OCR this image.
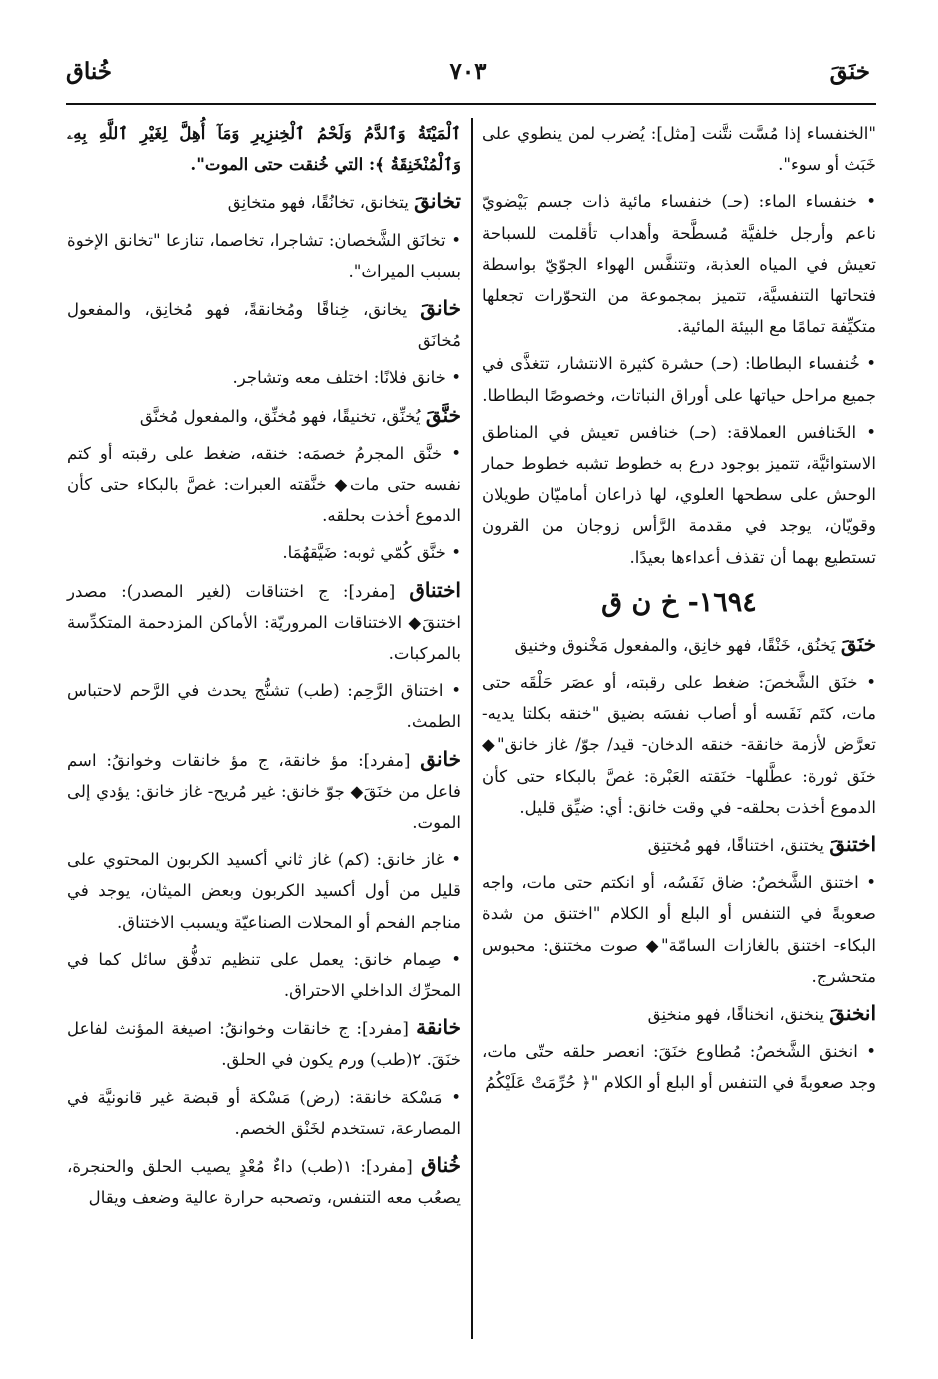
خنَقَ
٧٠٣
خُناق

"الخنفساء إذا مُسَّت نتَّنت [مثل]: يُضرب لمن ينطوي على خَبَث أو سوء".

• خنفساء الماء: (حـ) خنفساء مائية ذات جسم بَيْضويّ ناعم وأرجل خلفيَّة مُسطَّحة وأهداب تأقلمت للسباحة تعيش في المياه العذبة، وتتنفَّس الهواء الجوّيّ بواسطة فتحاتها التنفسيَّة، تتميز بمجموعة من التحوّرات تجعلها متكيِّفة تمامًا مع البيئة المائية.

• خُنفساء البطاطا: (حـ) حشرة كثيرة الانتشار، تتغذَّى في جميع مراحل حياتها على أوراق النباتات، وخصوصًا البطاطا.

• الخَنافس العملاقة: (حـ) خنافس تعيش في المناطق الاستوائيَّة، تتميز بوجود درع به خطوط تشبه خطوط حمار الوحش على سطحها العلوي، لها ذراعان أماميّان طويلان وقويّان، يوجد في مقدمة الرَّأس زوجان من القرون تستطيع بهما أن تقذف أعداءها بعيدًا.

١٦٩٤- خ ن ق

خنَقَ يَخنُق، خَنْقًا، فهو خانِق، والمفعول مَخْنوق وخنيق

• خنَق الشَّخصَ: ضغط على رقبته، أو عصَر حَلْقَه حتى مات، كتَم نَفَسه أو أصاب نفسَه بضيق "خنقه بكلتا يديه- تعرَّض لأزمة خانقة- خنقه الدخان- قيد/ جوّ/ غاز خانق"◆ خنَق ثورة: عطَّلها- خنَقته العَبْرة: غصَّ بالبكاء حتى كأن الدموع أخذت بحلقه- في وقت خانق: أي: ضيِّق قليل.

اختنقَ يختنق، اختناقًا، فهو مُختنِق

• اختنق الشَّخصُ: ضاق نَفَسُه، أو انكتم حتى مات، واجه صعوبةً في التنفس أو البلع أو الكلام "اختنق من شدة البكاء- اختنق بالغازات السامّة"◆ صوت مختنق: محبوس متحشرج.

انخنقَ ينخنق، انخناقًا، فهو منخنِق

• انخنق الشَّخصُ: مُطاوع خنَقَ: انعصر حلقه حتّى مات، وجد صعوبةً في التنفس أو البلع أو الكلام "﴿ حُرِّمَتْ عَلَيْكُمُ

ٱلْمَيْتَةُ وَٱلدَّمُ وَلَحْمُ ٱلْخِنزِيرِ وَمَآ أُهِلَّ لِغَيْرِ ٱللَّهِ بِهِۦ وَٱلْمُنْخَنِقَةُ ﴾: التي خُنقت حتى الموت".

تخانقَ يتخانق، تخانُقًا، فهو متخانِق

• تخانَق الشَّخصان: تشاجرا، تخاصما، تنازعا "تخانق الإخوة بسبب الميراث".

خانقَ يخانق، خِناقًا ومُخانقةً، فهو مُخانِق، والمفعول مُخانَق

• خانق فلانًا: اختلف معه وتشاجر.

خنَّقَ يُخنِّق، تخنيقًا، فهو مُخنِّق، والمفعول مُخنَّق

• خنَّق المجرمُ خصمَه: خنقه، ضغط على رقبته أو كتم نفسه حتى مات◆ خنَّقته العبرات: غصَّ بالبكاء حتى كأن الدموع أخذت بحلقه.

• خنَّق كُمّي ثوبه: ضَيَّقهُمَا.

اختناق [مفرد]: ج اختناقات (لغير المصدر): مصدر اختنقَ◆ الاختناقات المروريّة: الأماكن المزدحمة المتكدِّسة بالمركبات.

• اختناق الرَّحِم: (طب) تشنُّج يحدث في الرَّحم لاحتباس الطمث.

خانق [مفرد]: مؤ خانقة، ج مؤ خانقات وخوانقُ: اسم فاعل من خنَقَ◆ جوّ خانق: غير مُريح- غاز خانق: يؤدي إلى الموت.

• غاز خانق: (كم) غاز ثاني أكسيد الكربون المحتوي على قليل من أول أكسيد الكربون وبعض الميثان، يوجد في مناجم الفحم أو المحلات الصناعيّة ويسبب الاختناق.

• صِمام خانق: يعمل على تنظيم تدفُّق سائل كما في المحرِّك الداخلي الاحتراق.

خانقة [مفرد]: ج خانقات وخوانقُ: اصيغة المؤنث لفاعل خنَقَ. ٢(طب) ورم يكون في الحلق.

• مَسْكة خانقة: (رض) مَسْكة أو قبضة غير قانونيَّة في المصارعة، تستخدم لخَنْق الخصم.

خُناق [مفرد]: ١(طب) داءٌ مُعْدٍ يصيب الحلق والحنجرة، يصعُب معه التنفس، وتصحبه حرارة عالية وضعف ويقال
